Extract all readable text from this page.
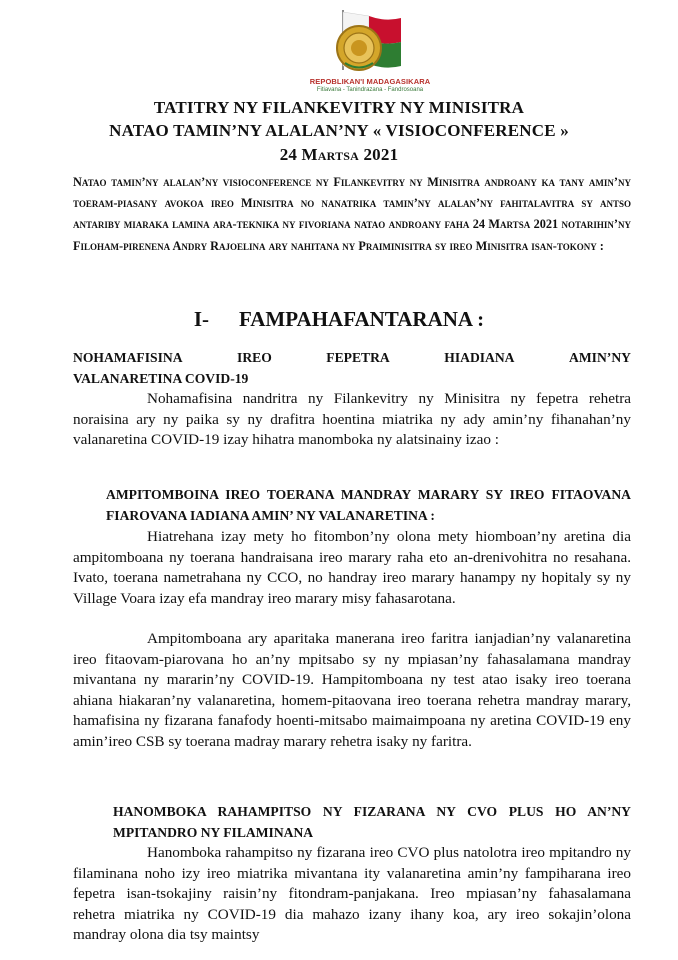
REPOBLIKAN'I MADAGASIKARA
Fitiavana - Tanindrazana - Fandrosoana
TATITRY NY FILANKEVITRY NY MINISITRA
NATAO TAMIN’NY ALALAN’NY « VISIOCONFERENCE »
24 Martsa 2021
Natao tamin’ny alalan’ny visioconference ny Filankevitry ny Minisitra androany ka tany amin’ny toeram-piasany avokoa ireo Minisitra no nanatrika tamin’ny alalan’ny fahitalavitra sy antso antariby miaraka lamina ara-teknika ny fivoriana natao androany faha 24 Martsa 2021 notarihin’ny Filoham-pirenena Andry Rajoelina ary nahitana ny Praiminisitra sy ireo Minisitra isan-tokony :
I- FAMPAHAFANTARANA :
NOHAMAFISINA	IREO	FEPETRA	HIADIANA	AMIN’NY
VALANARETINA COVID-19

Nohamafisina nandritra ny Filankevitry ny Minisitra ny fepetra rehetra noraisina ary ny paika sy ny drafitra hoentina miatrika ny ady amin’ny fihanahan’ny valanaretina COVID-19 izay hihatra manomboka ny alatsinainy izao :

AMPITOMBOINA IREO TOERANA MANDRAY MARARY SY IREO FITAOVANA FIAROVANA IADIANA AMIN’ NY VALANARETINA :

Hiatrehana izay mety ho fitombon’ny olona mety hiomboan’ny aretina dia ampitomboana ny toerana handraisana ireo marary raha eto an-drenivohitra no resahana. Ivato, toerana nametrahana ny CCO, no handray ireo marary hanampy ny hopitaly sy ny Village Voara izay efa mandray ireo marary misy fahasarotana.

Ampitomboana ary aparitaka manerana ireo faritra ianjadian’ny valanaretina ireo fitaovam-piarovana ho an’ny mpitsabo sy ny mpiasan’ny fahasalamana mandray mivantana ny mararin’ny COVID-19. Hampitomboana ny test atao isaky ireo toerana ahiana hiakaran’ny valanaretina, homem-pitaovana ireo toerana rehetra mandray marary, hamafisina ny fizarana fanafody hoenti-mitsabo maimaimpoana ny aretina COVID-19 eny amin’ireo CSB sy toerana madray marary rehetra isaky ny faritra.

HANOMBOKA RAHAMPITSO NY FIZARANA NY CVO PLUS HO AN’NY MPITANDRO NY FILAMINANA

Hanomboka rahampitso ny fizarana ireo CVO plus natolotra ireo mpitandro ny filaminana noho izy ireo miatrika mivantana ity valanaretina amin’ny fampiharana ireo fepetra isan-tsokajiny raisin’ny fitondram-panjakana. Ireo mpiasan’ny fahasalamana rehetra miatrika ny COVID-19 dia mahazo izany ihany koa, ary ireo sokajin’olona mandray olona dia tsy maintsy
